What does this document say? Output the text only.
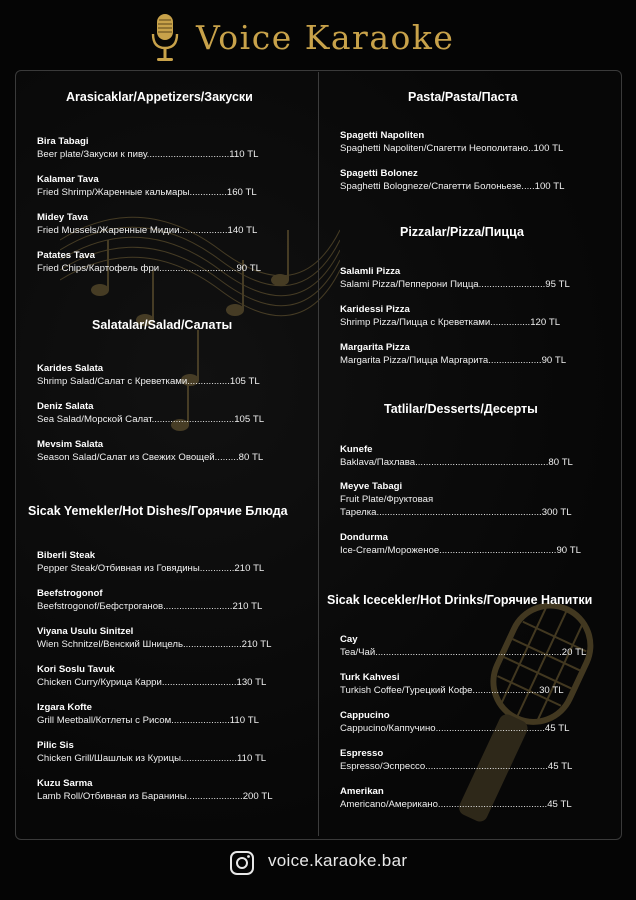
Voice Karaoke
Arasicaklar/Appetizers/Закуски
Bira Tabagi
Beer plate/Закуски к пиву...............................110 TL
Kalamar Tava
Fried Shrimp/Жаренные кальмары..............160 TL
Midey Tava
Fried Mussels/Жаренные Мидии..................140 TL
Patates Tava
Fried Chips/Картофель фри.............................90 TL
Salatalar/Salad/Салаты
Karides Salata
Shrimp Salad/Салат с Креветками................105 TL
Deniz Salata
Sea Salad/Морской Салат...............................105 TL
Mevsim Salata
Season Salad/Салат из Свежих Овощей.........80 TL
Sicak Yemekler/Hot Dishes/Горячие Блюда
Biberli Steak
Pepper Steak/Отбивная из Говядины.............210 TL
Beefstrogonof
Beefstrogonof/Бефстроганов..........................210 TL
Viyana Usulu Sinitzel
Wien Schnitzel/Венский Шницель......................210 TL
Kori Soslu Tavuk
Chicken Curry/Курица Карри............................130 TL
Izgara Kofte
Grill Meetball/Котлеты с Рисом......................110 TL
Pilic Sis
Chicken Grill/Шашлык из Курицы.....................110 TL
Kuzu Sarma
Lamb Roll/Отбивная из Баранины.....................200 TL
Pasta/Pasta/Паста
Spagetti Napoliten
Spaghetti Napoliten/Спагетти Неополитано..100 TL
Spagetti Bolonez
Spaghetti Bologneze/Спагетти Болоньезе.....100 TL
Pizzalar/Pizza/Пицца
Salamli Pizza
Salami Pizza/Пепперони Пицца.........................95 TL
Karidessi Pizza
Shrimp Pizza/Пицца с Креветками...............120 TL
Margarita Pizza
Margarita Pizza/Пицца Маргарита....................90 TL
Tatlilar/Desserts/Десерты
Kunefe
Baklava/Пахлава..................................................80 TL
Meyve Tabagi
Fruit Plate/Фруктовая
Тарелка..............................................................300 TL
Dondurma
Ice-Cream/Мороженое............................................90 TL
Sicak Icecekler/Hot Drinks/Горячие Напитки
Cay
Tea/Чай......................................................................20 TL
Turk Kahvesi
Turkish Coffee/Турецкий Кофе.........................30 TL
Cappucino
Cappucino/Каппучино.........................................45 TL
Espresso
Espresso/Эспрессо..............................................45 TL
Amerikan
Americano/Американо.........................................45 TL
voice.karaoke.bar
